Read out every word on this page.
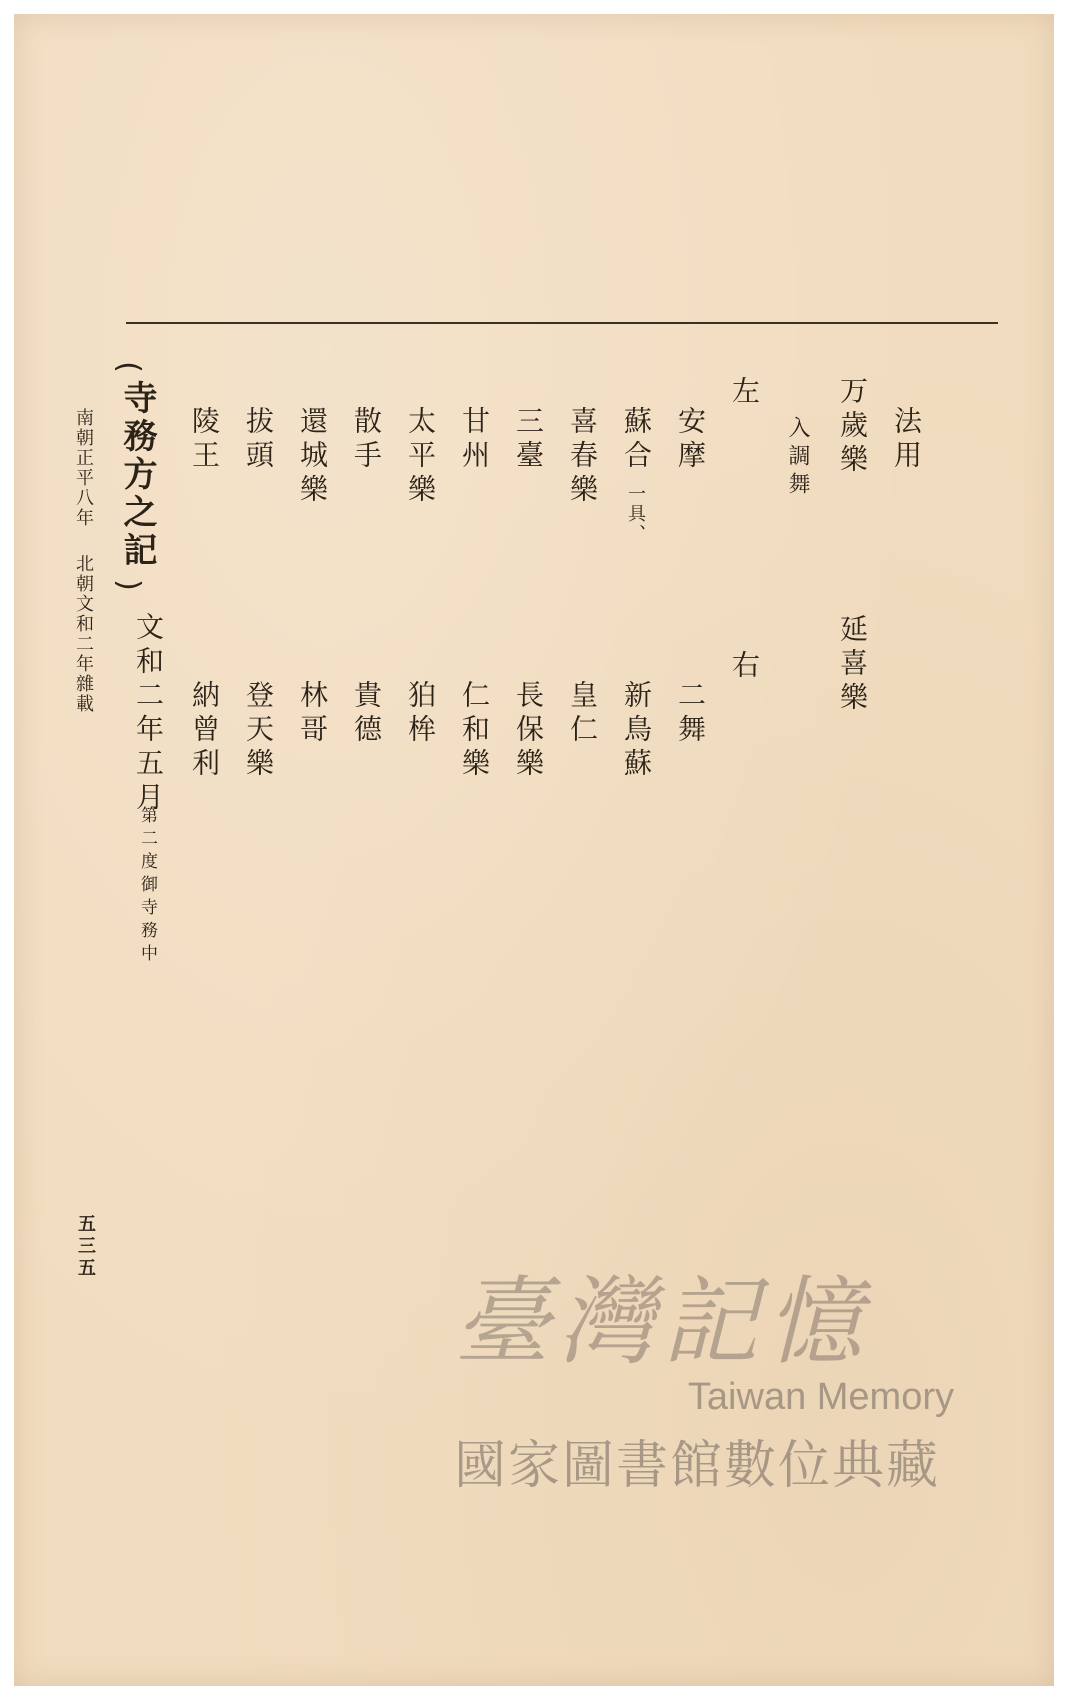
法用
万歲樂
延喜樂
入調舞
左
右
安摩
二舞
蘇合
一具、
新鳥蘇
喜春樂
皇仁
三臺
長保樂
甘州
仁和樂
太平樂
狛桙
散手
貴德
還城樂
林哥
拔頭
登天樂
陵王
納曾利
(
寺務方之記
)
文和二年五月
第二度御寺務中
南朝正平八年
北朝文和二年雜載
五三五
臺灣記憶
Taiwan Memory
國家圖書館數位典藏
